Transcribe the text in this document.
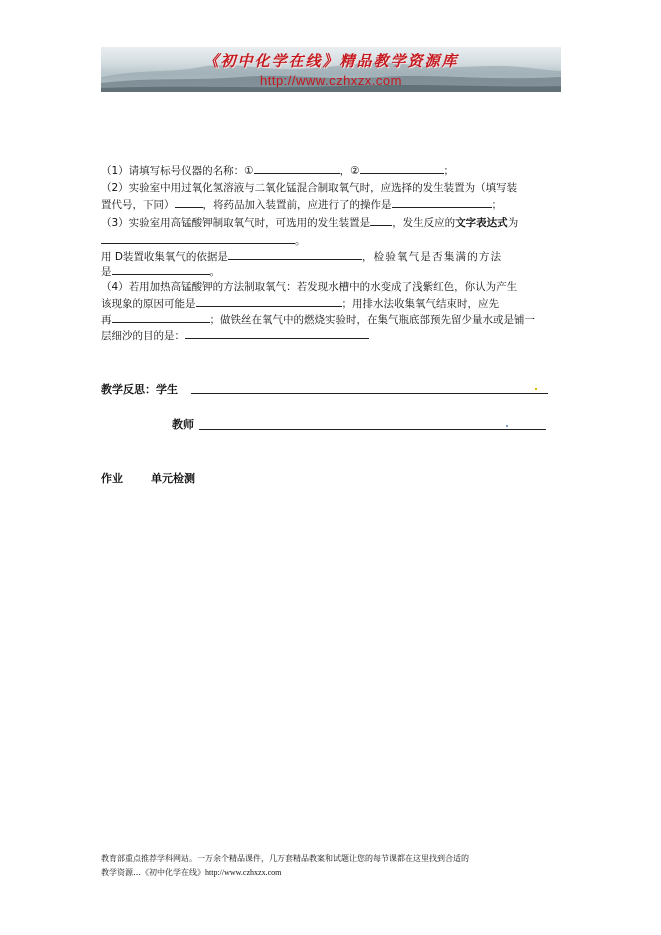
《初中化学在线》精品教学资源库
http://www.czhxzx.com
（1）请填写标号仪器的名称：①	，②	；
（2）实验室中用过氧化氢溶液与二氧化锰混合制取氧气时，应选择的发生装置为（填写装
置代号，下同）	，将药品加入装置前，应进行了的操作是	；
（3）实验室用高锰酸钾制取氧气时，可选用的发生装置是 ，发生反应的文字表达式为
。
用 D装置收集氧气的依据是	，检验氧气是否集满的方法
是	。
（4）若用加热高锰酸钾的方法制取氧气：若发现水槽中的水变成了浅紫红色，你认为产生
该现象的原因可能是	；用排水法收集氧气结束时，应先
再	；做铁丝在氧气中的燃烧实验时，在集气瓶底部预先留少量水或是铺一
层细沙的目的是：
教学反思：学生
教师
作业	单元检测
教育部重点推荐学科网站。一万余个精品课件，几万套精品教案和试题让您的每节课都在这里找到合适的
教学资源…《初中化学在线》http://www.czhxzx.com
